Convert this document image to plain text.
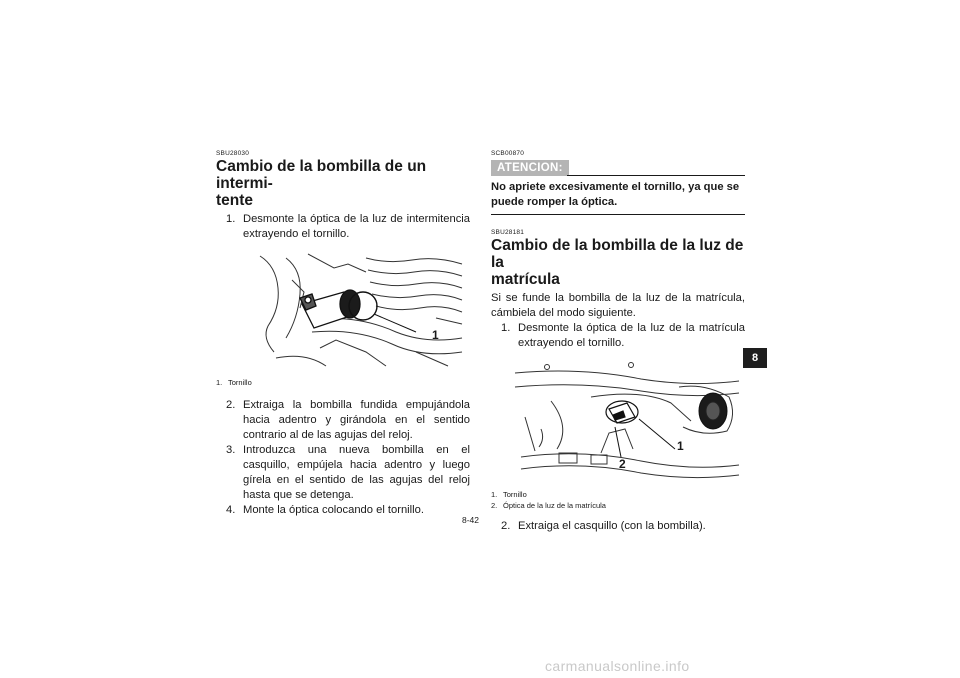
SBU28030

Cambio de la bombilla de un intermi-
tente
1. Desmonte la óptica de la luz de intermitencia extrayendo el tornillo.
1

1. Tornillo

2. Extraiga la bombilla fundida empujándola hacia adentro y girándola en el sentido contrario al de las agujas del reloj.
3. Introduzca una nueva bombilla en el casquillo, empújela hacia adentro y luego gírela en el sentido de las agujas del reloj hasta que se detenga.
4. Monte la óptica colocando el tornillo.

SCB00870

ATENCION:

No apriete excesivamente el tornillo, ya que se puede romper la óptica.

SBU28181

Cambio de la bombilla de la luz de la
matrícula

Si se funde la bombilla de la luz de la matrícula, cámbiela del modo siguiente.

1. Desmonte la óptica de la luz de la matrícula extrayendo el tornillo.
1
2

1. Tornillo

2. Óptica de la luz de la matrícula

2. Extraiga el casquillo (con la bombilla).
8-42
8
carmanualsonline.info
